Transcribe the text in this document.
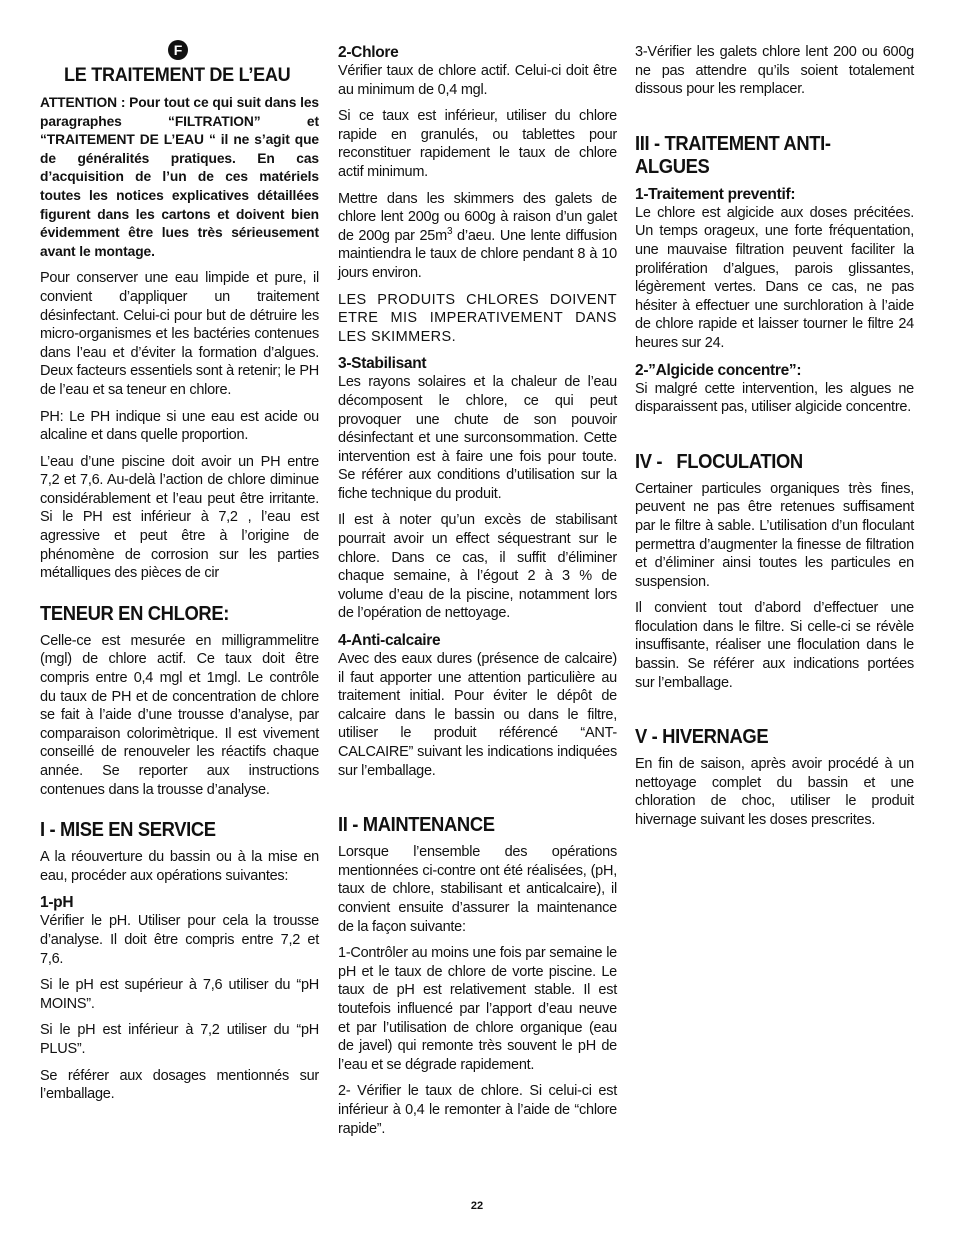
F
LE TRAITEMENT DE L’EAU

ATTENTION : Pour tout ce qui suit dans les paragraphes “FILTRATION” et “TRAITEMENT DE L’EAU “ il ne s’agit que de généralités pratiques. En cas d’acquisition de l’un de ces matériels toutes les notices explicatives détaillées figurent dans les cartons et doivent bien évidemment être lues très sérieusement avant le montage.

Pour conserver une eau limpide et pure, il convient d’appliquer un traitement désinfectant. Celui-ci pour but de détruire les micro-organismes et les bactéries contenues dans l’eau et d’éviter la formation d’algues. Deux facteurs essentiels sont à retenir; le PH de l’eau et sa teneur en chlore.

PH: Le PH indique si une eau est acide ou alcaline et dans quelle proportion.

L’eau d’une piscine doit avoir un PH entre 7,2 et 7,6. Au-delà l’action de chlore diminue considérablement et l’eau peut être irritante. Si le PH est inférieur à 7,2 , l’eau est agressive et peut être à l’origine de phénomène de corrosion sur les parties métalliques des pièces de cir

TENEUR EN CHLORE:

Celle-ce est mesurée en milligrammelitre (mgl) de chlore actif. Ce taux doit être compris entre 0,4 mgl et 1mgl. Le contrôle du taux de PH et de concentration de chlore se fait à l’aide d’une trousse d’analyse, par comparaison colorimètrique. Il est vivement conseillé de renouveler les réactifs chaque année. Se reporter aux instructions contenues dans la trousse d’analyse.

I - MISE EN SERVICE

A la réouverture du bassin ou à la mise en eau, procéder aux opérations suivantes:

1-pH

Vérifier le pH. Utiliser pour cela la trousse d’analyse. Il doit être compris entre 7,2 et 7,6.

Si le pH est supérieur à 7,6 utiliser du “pH MOINS”.

Si le pH est inférieur à 7,2 utiliser du “pH PLUS”.

Se référer aux dosages mentionnés sur l’emballage.

2-Chlore

Vérifier taux de chlore actif. Celui-ci doit être au minimum de 0,4 mgl.

Si ce taux est inférieur, utiliser du chlore rapide en granulés, ou tablettes pour reconstituer rapidement le taux de chlore actif minimum.

Mettre dans les skimmers des galets de chlore lent 200g ou 600g à raison d’un galet de 200g par $25m^3$ d’aeu. Une lente diffusion maintiendra le taux de chlore pendant 8 à 10 jours environ.

LES PRODUITS CHLORES DOIVENT ETRE MIS IMPERATIVEMENT DANS LES SKIMMERS.

3-Stabilisant

Les rayons solaires et la chaleur de l’eau décomposent le chlore, ce qui peut provoquer une chute de son pouvoir désinfectant et une surconsommation. Cette intervention est à faire une fois pour toute. Se référer aux conditions d’utilisation sur la fiche technique du produit.

Il est à noter qu’un excès de stabilisant pourrait avoir un effect séquestrant sur le chlore. Dans ce cas, il suffit d’éliminer chaque semaine, à l’égout 2 à 3 % de volume d’eau de la piscine, notamment lors de l’opération de nettoyage.

4-Anti-calcaire

Avec des eaux dures (présence de calcaire) il faut apporter une attention particulière au traitement initial. Pour éviter le dépôt de calcaire dans le bassin ou dans le filtre, utiliser le produit référencé “ANT-CALCAIRE” suivant les indications indiquées sur l’emballage.

II - MAINTENANCE

Lorsque l’ensemble des opérations mentionnées ci-contre ont été réalisées, (pH, taux de chlore, stabilisant et anticalcaire), il convient ensuite d’assurer la maintenance de la façon suivante:

1-Contrôler au moins une fois par semaine le pH et le taux de chlore de vorte piscine. Le taux de pH est relativement stable. Il est toutefois influencé par l’apport d’eau neuve et par l’utilisation de chlore organique (eau de javel) qui remonte très souvent le pH de l’eau et se dégrade rapidement.

2- Vérifier le taux de chlore. Si celui-ci est inférieur à 0,4 le remonter à l’aide de “chlore rapide”.

3-Vérifier les galets chlore lent 200 ou 600g ne pas attendre qu’ils soient totalement dissous pour les remplacer.

III - TRAITEMENT ANTI-ALGUES
1-Traitement preventif:

Le chlore est algicide aux doses précitées. Un temps orageux, une forte fréquentation, une mauvaise filtration peuvent faciliter la prolifération d’algues, parois glissantes, légèrement vertes. Dans ce cas, ne pas hésiter à effectuer une surchloration à l’aide de chlore rapide et laisser tourner le filtre 24 heures sur 24.

2-”Algicide concentre”:

Si malgré cette intervention, les algues ne disparaissent pas, utiliser algicide concentre.

IV -   FLOCULATION

Certainer particules organiques très fines, peuvent ne pas être retenues suffisament par le filtre à sable. L’utilisation d’un floculant permettra d’augmenter la finesse de filtration et d’éliminer ainsi toutes les particules en suspension.

Il convient tout d’abord d’effectuer une floculation dans le filtre. Si celle-ci se révèle insuffisante, réaliser une floculation dans le bassin. Se référer aux indications portées sur l’emballage.

V - HIVERNAGE

En fin de saison, après avoir procédé à un nettoyage complet du bassin et une chloration de choc, utiliser le produit hivernage suivant les doses prescrites.

22
